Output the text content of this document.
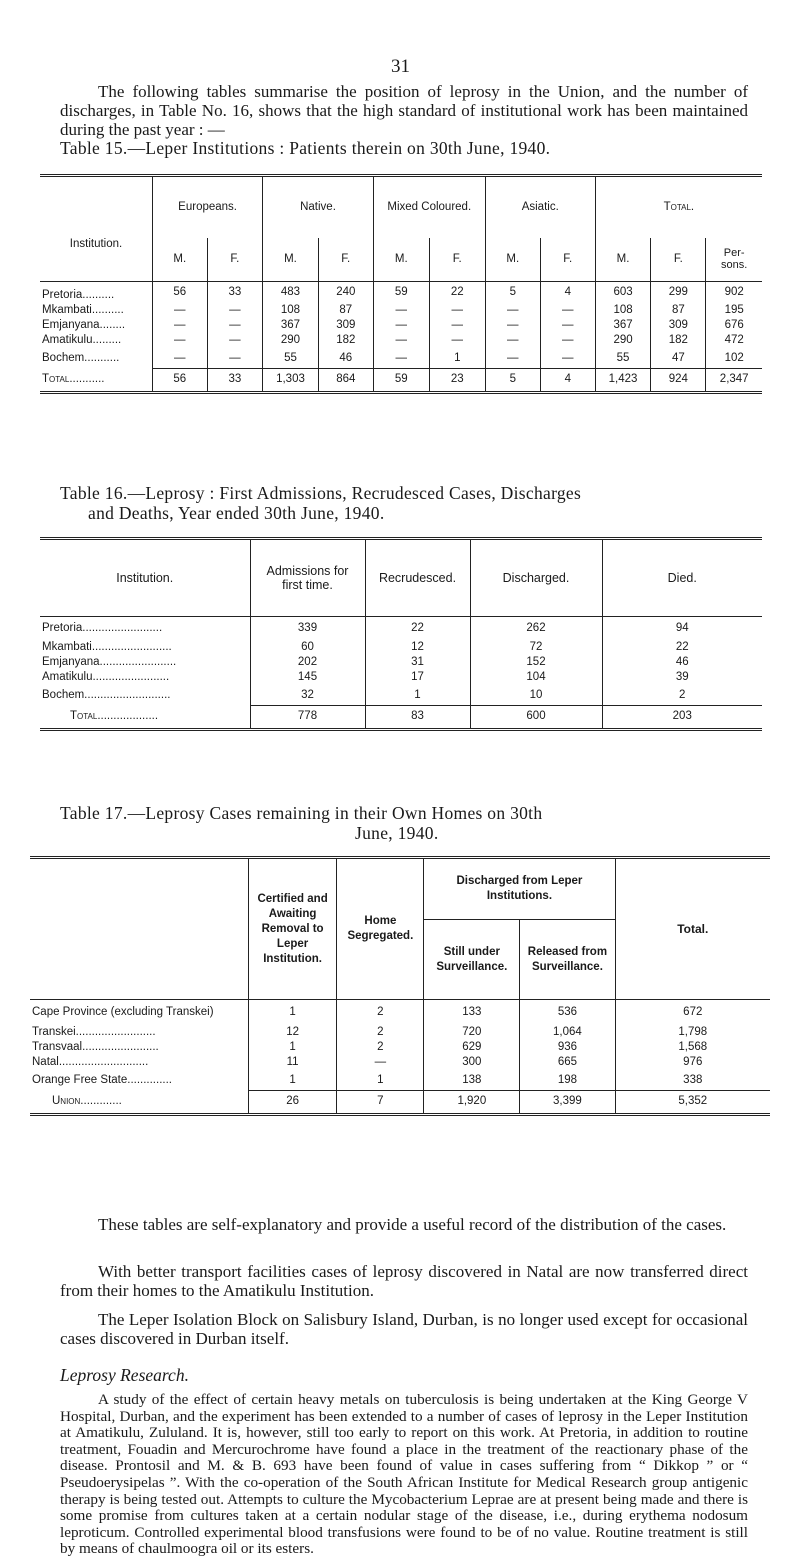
31

The following tables summarise the position of leprosy in the Union, and the number of discharges, in Table No. 16, shows that the high standard of institutional work has been maintained during the past year : —

Table 15.—Leper Institutions : Patients therein on 30th June, 1940.

Institution.	Europeans.		Native.		Mixed Coloured.		Asiatic.		Total.		
	M.	F.	M.	F.	M.	F.	M.	F.	M.	F.	Per- sons.
Pretoria..........	56	33	483	240	59	22	5	4	603	299	902
Mkambati..........	—	—	108	87	—	—	—	—	108	87	195
Emjanyana........	—	—	367	309	—	—	—	—	367	309	676
Amatikulu.........	—	—	290	182	—	—	—	—	290	182	472
Bochem...........	—	—	55	46	—	1	—	—	55	47	102
Total...........	56	33	1,303	864	59	23	5	4	1,423	924	2,347

Table 16.—Leprosy : First Admissions, Recrudesced Cases, Discharges

and Deaths, Year ended 30th June, 1940.

Institution.	Admissions for first time.	Recrudesced.	Discharged.	Died.
Pretoria.........................	339	22	262	94
Mkambati.........................	60	12	72	22
Emjanyana........................	202	31	152	46
Amatikulu........................	145	17	104	39
Bochem...........................	32	1	10	2
Total...................	778	83	600	203

Table 17.—Leprosy Cases remaining in their Own Homes on 30th

June, 1940.

	Certified and Awaiting Removal to Leper Institution.	Home Segregated.	Discharged from Leper Institutions.		Total.
			Still under Surveillance.	Released from Surveillance.	
Cape Province (excluding Transkei)	1	2	133	536	672
Transkei.........................	12	2	720	1,064	1,798
Transvaal........................	1	2	629	936	1,568
Natal............................	11	—	300	665	976
Orange Free State..............	1	1	138	198	338
Union.............	26	7	1,920	3,399	5,352

These tables are self-explanatory and provide a useful record of the distribution of the cases.

With better transport facilities cases of leprosy discovered in Natal are now transferred direct from their homes to the Amatikulu Institution.

The Leper Isolation Block on Salisbury Island, Durban, is no longer used except for occasional cases discovered in Durban itself.

Leprosy Research.

A study of the effect of certain heavy metals on tuberculosis is being undertaken at the King George V Hospital, Durban, and the experiment has been extended to a number of cases of leprosy in the Leper Institution at Amatikulu, Zululand. It is, however, still too early to report on this work. At Pretoria, in addition to routine treatment, Fouadin and Mercurochrome have found a place in the treatment of the reactionary phase of the disease. Prontosil and M. & B. 693 have been found of value in cases suffering from “ Dikkop ” or “ Pseudoerysipelas ”. With the co-operation of the South African Institute for Medical Research group antigenic therapy is being tested out. Attempts to culture the Mycobacterium Leprae are at present being made and there is some promise from cultures taken at a certain nodular stage of the disease, i.e., during erythema nodosum leproticum. Controlled experimental blood transfusions were found to be of no value. Routine treatment is still by means of chaulmoogra oil or its esters.
